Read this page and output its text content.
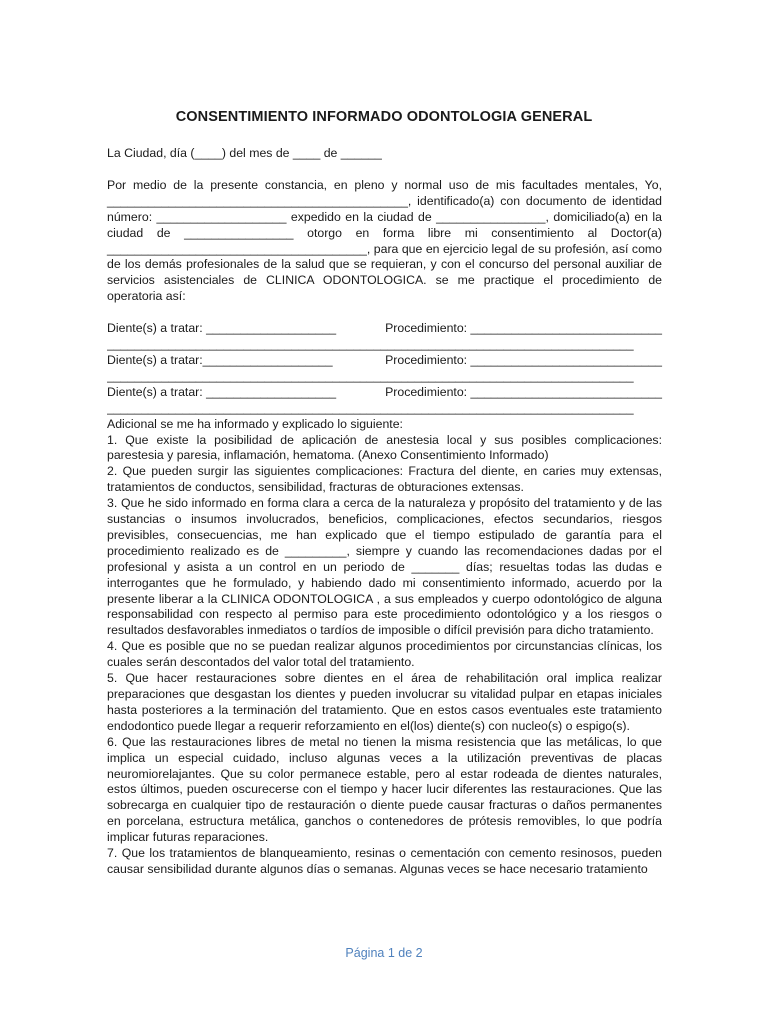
CONSENTIMIENTO INFORMADO ODONTOLOGIA GENERAL

La Ciudad, día (____) del mes de ____ de ______

Por medio de la presente constancia, en pleno y normal uso de mis facultades mentales, Yo, ____________________________________________, identificado(a) con documento de identidad número: ___________________ expedido en la ciudad de ________________, domiciliado(a) en la ciudad de ________________ otorgo en forma libre mi consentimiento al Doctor(a) ______________________________________, para que en ejercicio legal de su profesión, así como de los demás profesionales de la salud que se requieran, y con el concurso del personal auxiliar de servicios asistenciales de CLINICA ODONTOLOGICA. se me practique el procedimiento de operatoria así:

Diente(s) a tratar: ___________________	Procedimiento: ____________________________
_____________________________________________________________________________
Diente(s) a tratar:___________________	Procedimiento: ____________________________
_____________________________________________________________________________
Diente(s) a tratar: ___________________	Procedimiento: ____________________________
_____________________________________________________________________________

Adicional se me ha informado y explicado lo siguiente:

1. Que existe la posibilidad de aplicación de anestesia local y sus posibles complicaciones: parestesia y paresia, inflamación, hematoma. (Anexo Consentimiento Informado)

2. Que pueden surgir las siguientes complicaciones: Fractura del diente, en caries muy extensas, tratamientos de conductos, sensibilidad, fracturas de obturaciones extensas.

3. Que he sido informado en forma clara a cerca de la naturaleza y propósito del tratamiento y de las sustancias o insumos involucrados, beneficios, complicaciones, efectos secundarios, riesgos previsibles, consecuencias, me han explicado que el tiempo estipulado de garantía para el procedimiento realizado es de _________, siempre y cuando las recomendaciones dadas por el profesional y asista a un control en un periodo de _______ días; resueltas todas las dudas e interrogantes que he formulado, y habiendo dado mi consentimiento informado, acuerdo por la presente liberar a la CLINICA ODONTOLOGICA , a sus empleados y cuerpo odontológico de alguna responsabilidad con respecto al permiso para este procedimiento odontológico y a los riesgos o resultados desfavorables inmediatos o tardíos de imposible o difícil previsión para dicho tratamiento.

4. Que es posible que no se puedan realizar algunos procedimientos por circunstancias clínicas, los cuales serán descontados del valor total del tratamiento.

5. Que hacer restauraciones sobre dientes en el área de rehabilitación oral implica realizar preparaciones que desgastan los dientes y pueden involucrar su vitalidad pulpar en etapas iniciales hasta posteriores a la terminación del tratamiento. Que en estos casos eventuales este tratamiento endodontico puede llegar a requerir reforzamiento en el(los) diente(s) con nucleo(s) o espigo(s).

6. Que las restauraciones libres de metal no tienen la misma resistencia que las metálicas, lo que implica un especial cuidado, incluso algunas veces a la utilización preventivas de placas neuromiorelajantes. Que su color permanece estable, pero al estar rodeada de dientes naturales, estos últimos, pueden oscurecerse con el tiempo y hacer lucir diferentes las restauraciones. Que las sobrecarga en cualquier tipo de restauración o diente puede causar fracturas o daños permanentes en porcelana, estructura metálica, ganchos o contenedores de prótesis removibles, lo que podría implicar futuras reparaciones.

7. Que los tratamientos de blanqueamiento, resinas o cementación con cemento resinosos, pueden causar sensibilidad durante algunos días o semanas. Algunas veces se hace necesario tratamiento

Página 1 de 2
